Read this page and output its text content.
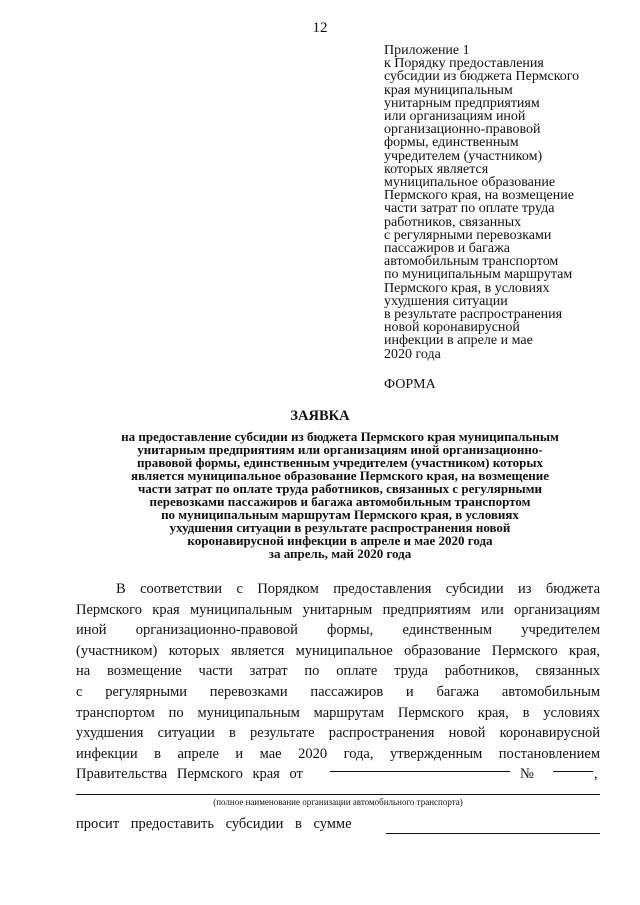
12
Приложение 1
к Порядку предоставления
субсидии из бюджета Пермского
края муниципальным
унитарным предприятиям
или организациям иной
организационно-правовой
формы, единственным
учредителем (участником)
которых является
муниципальное образование
Пермского края, на возмещение
части затрат по оплате труда
работников, связанных
с регулярными перевозками
пассажиров и багажа
автомобильным транспортом
по муниципальным маршрутам
Пермского края, в условиях
ухудшения ситуации
в результате распространения
новой коронавирусной
инфекции в апреле и мае
2020 года
ФОРМА
ЗАЯВКА
на предоставление субсидии из бюджета Пермского края муниципальным
унитарным предприятиям или организациям иной организационно-
правовой формы, единственным учредителем (участником) которых
является муниципальное образование Пермского края, на возмещение
части затрат по оплате труда работников, связанных с регулярными
перевозками пассажиров и багажа автомобильным транспортом
по муниципальным маршрутам Пермского края, в условиях
ухудшения ситуации в результате распространения новой
коронавирусной инфекции в апреле и мае 2020 года
за апрель, май 2020 года
В соответствии с Порядком предоставления субсидии из бюджета
Пермского края муниципальным унитарным предприятиям или организациям
иной организационно-правовой формы, единственным учредителем
(участником) которых является муниципальное образование Пермского края,
на возмещение части затрат по оплате труда работников, связанных
с регулярными перевозками пассажиров и багажа автомобильным
транспортом по муниципальным маршрутам Пермского края, в условиях
ухудшения ситуации в результате распространения новой коронавирусной
инфекции в апреле и мае 2020 года, утвержденным постановлением
Правительства Пермского края от	№	,
(полное наименование организации автомобильного транспорта)
просит предоставить субсидии в сумме
